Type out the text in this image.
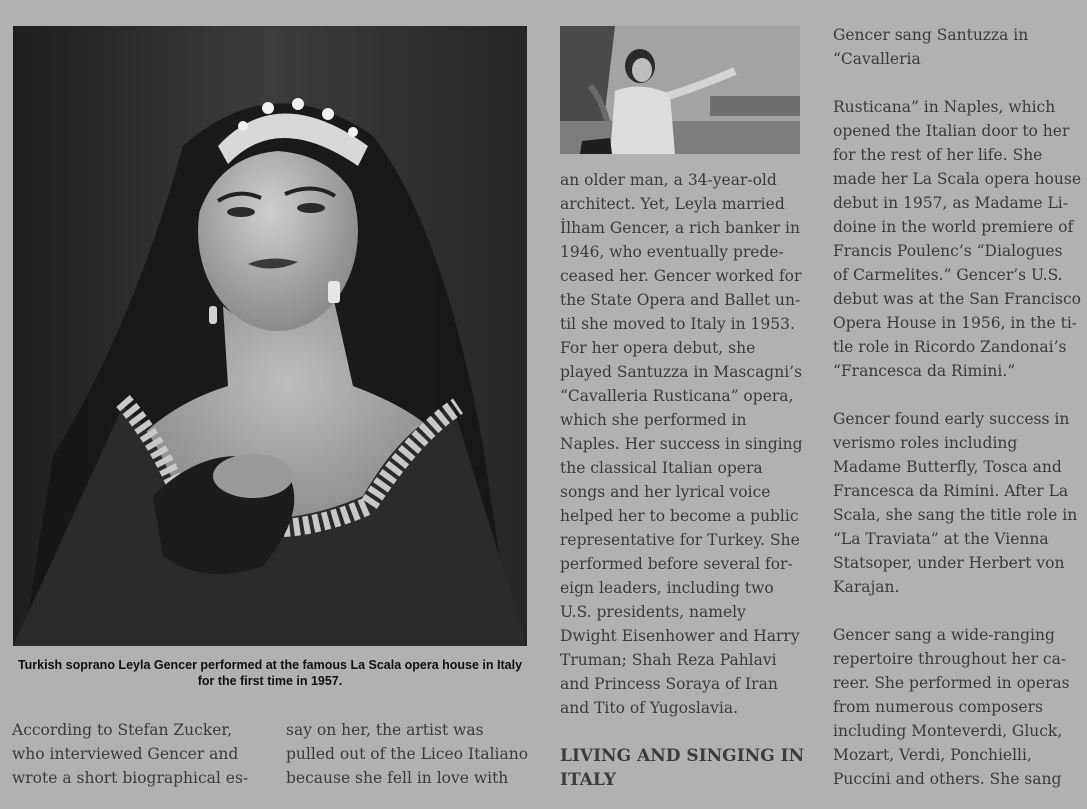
Turkish soprano Leyla Gencer performed at the famous La Scala opera house in Italy for the first time in 1957.

According to Stefan Zucker,

who interviewed Gencer and

wrote a short biographical es-

say on her, the artist was

pulled out of the Liceo Italiano

because she fell in love with

an older man, a 34-year-old

architect. Yet, Leyla married

İlham Gencer, a rich banker in

1946, who eventually prede-

ceased her. Gencer worked for

the State Opera and Ballet un-

til she moved to Italy in 1953.

For her opera debut, she

played Santuzza in Mascagni’s

“Cavalleria Rusticana” opera,

which she performed in

Naples. Her success in singing

the classical Italian opera

songs and her lyrical voice

helped her to become a public

representative for Turkey. She

performed before several for-

eign leaders, including two

U.S. presidents, namely

Dwight Eisenhower and Harry

Truman; Shah Reza Pahlavi

and Princess Soraya of Iran

and Tito of Yugoslavia.

LIVING AND SINGING IN
ITALY

Gencer sang Santuzza in

“Cavalleria

Rusticana” in Naples, which

opened the Italian door to her

for the rest of her life. She

made her La Scala opera house

debut in 1957, as Madame Li-

doine in the world premiere of

Francis Poulenc’s “Dialogues

of Carmelites.” Gencer’s U.S.

debut was at the San Francisco

Opera House in 1956, in the ti-

tle role in Ricordo Zandonai’s

“Francesca da Rimini.”

Gencer found early success in

verismo roles including

Madame Butterfly, Tosca and

Francesca da Rimini. After La

Scala, she sang the title role in

“La Traviata” at the Vienna

Statsoper, under Herbert von

Karajan.

Gencer sang a wide-ranging

repertoire throughout her ca-

reer. She performed in operas

from numerous composers

including Monteverdi, Gluck,

Mozart, Verdi, Ponchielli,

Puccini and others. She sang
